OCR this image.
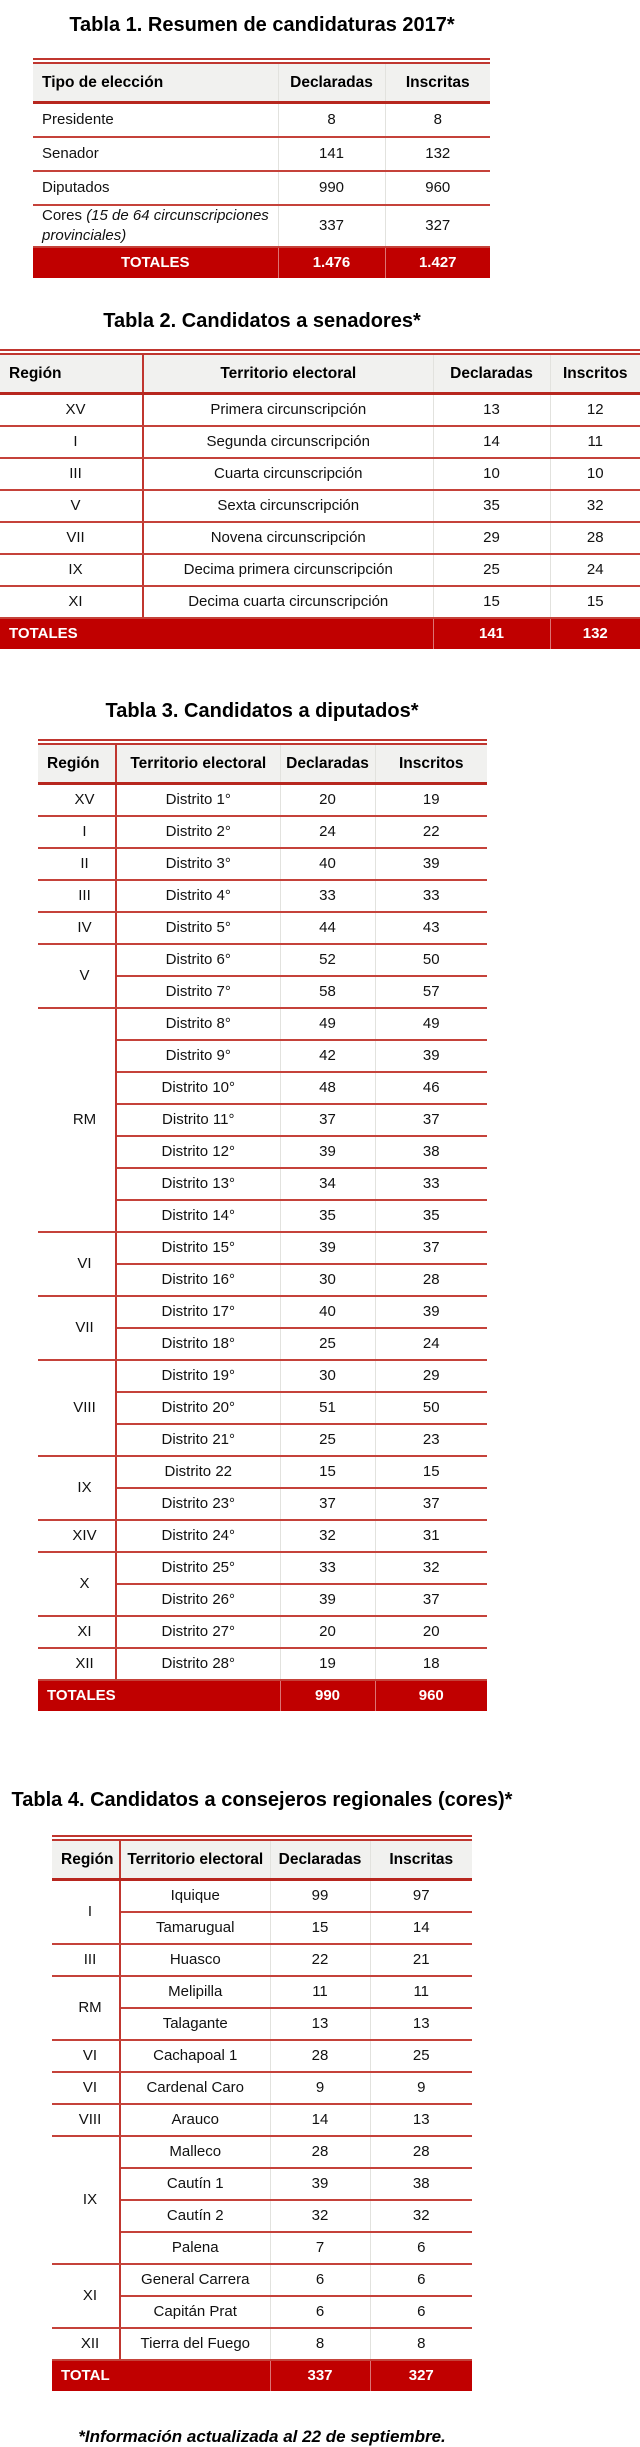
Tabla 1. Resumen de candidaturas 2017*
Tipo de elección	Declaradas	Inscritas
Presidente	8	8
Senador	141	132
Diputados	990	960
Cores (15 de 64 circunscripciones provinciales)	337	327
TOTALES	1.476	1.427
Tabla 2. Candidatos a senadores*
Región	Territorio electoral	Declaradas	Inscritos
XV	Primera circunscripción	13	12
I	Segunda circunscripción	14	11
III	Cuarta circunscripción	10	10
V	Sexta circunscripción	35	32
VII	Novena circunscripción	29	28
IX	Decima primera circunscripción	25	24
XI	Decima cuarta circunscripción	15	15
TOTALES		141	132
Tabla 3. Candidatos a diputados*
Región	Territorio electoral	Declaradas	Inscritos
XV	Distrito 1°	20	19
I	Distrito 2°	24	22
II	Distrito 3°	40	39
III	Distrito 4°	33	33
IV	Distrito 5°	44	43
V	Distrito 6°	52	50
	Distrito 7°	58	57
RM	Distrito 8°	49	49
	Distrito 9°	42	39
	Distrito 10°	48	46
	Distrito 11°	37	37
	Distrito 12°	39	38
	Distrito 13°	34	33
	Distrito 14°	35	35
VI	Distrito 15°	39	37
	Distrito 16°	30	28
VII	Distrito 17°	40	39
	Distrito 18°	25	24
VIII	Distrito 19°	30	29
	Distrito 20°	51	50
	Distrito 21°	25	23
IX	Distrito 22	15	15
	Distrito 23°	37	37
XIV	Distrito 24°	32	31
X	Distrito 25°	33	32
	Distrito 26°	39	37
XI	Distrito 27°	20	20
XII	Distrito 28°	19	18
TOTALES		990	960
Tabla 4. Candidatos a consejeros regionales (cores)*
Región	Territorio electoral	Declaradas	Inscritas
I	Iquique	99	97
	Tamarugual	15	14
III	Huasco	22	21
RM	Melipilla	11	11
	Talagante	13	13
VI	Cachapoal 1	28	25
VI	Cardenal Caro	9	9
VIII	Arauco	14	13
IX	Malleco	28	28
	Cautín 1	39	38
	Cautín 2	32	32
	Palena	7	6
XI	General Carrera	6	6
	Capitán Prat	6	6
XII	Tierra del Fuego	8	8
TOTAL		337	327

*Información actualizada al 22 de septiembre.
